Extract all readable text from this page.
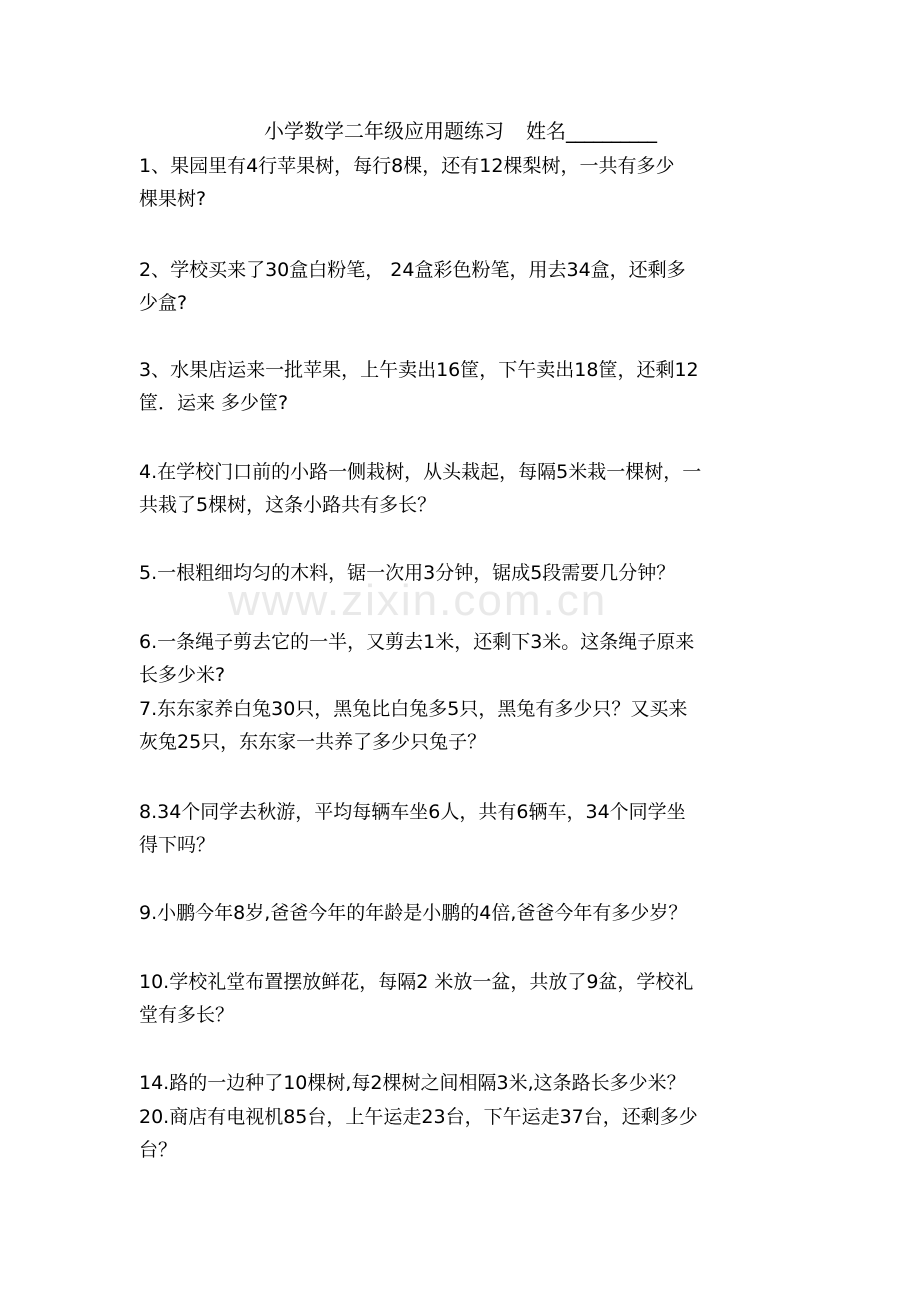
www.zixin.com.cn
小学数学二年级应用题练习 姓名__________
1、果园里有4行苹果树，每行8棵，还有12棵梨树，一共有多少
棵果树?
2、学校买来了30盒白粉笔， 24盒彩色粉笔，用去34盒，还剩多
少盒?
3、水果店运来一批苹果，上午卖出16筐，下午卖出18筐，还剩12
筐．运来 多少筐?
4.在学校门口前的小路一侧栽树，从头栽起，每隔5米栽一棵树，一
共栽了5棵树，这条小路共有多长？
5.一根粗细均匀的木料，锯一次用3分钟，锯成5段需要几分钟？
6.一条绳子剪去它的一半，又剪去1米，还剩下3米。这条绳子原来
长多少米?
7.东东家养白兔30只，黑兔比白兔多5只，黑兔有多少只？又买来
灰兔25只，东东家一共养了多少只兔子？
8.34个同学去秋游，平均每辆车坐6人，共有6辆车，34个同学坐
得下吗？
9.小鹏今年8岁,爸爸今年的年龄是小鹏的4倍,爸爸今年有多少岁？
10.学校礼堂布置摆放鲜花，每隔2 米放一盆，共放了9盆，学校礼
堂有多长？
14.路的一边种了10棵树,每2棵树之间相隔3米,这条路长多少米？
20.商店有电视机85台，上午运走23台，下午运走37台，还剩多少
台？
